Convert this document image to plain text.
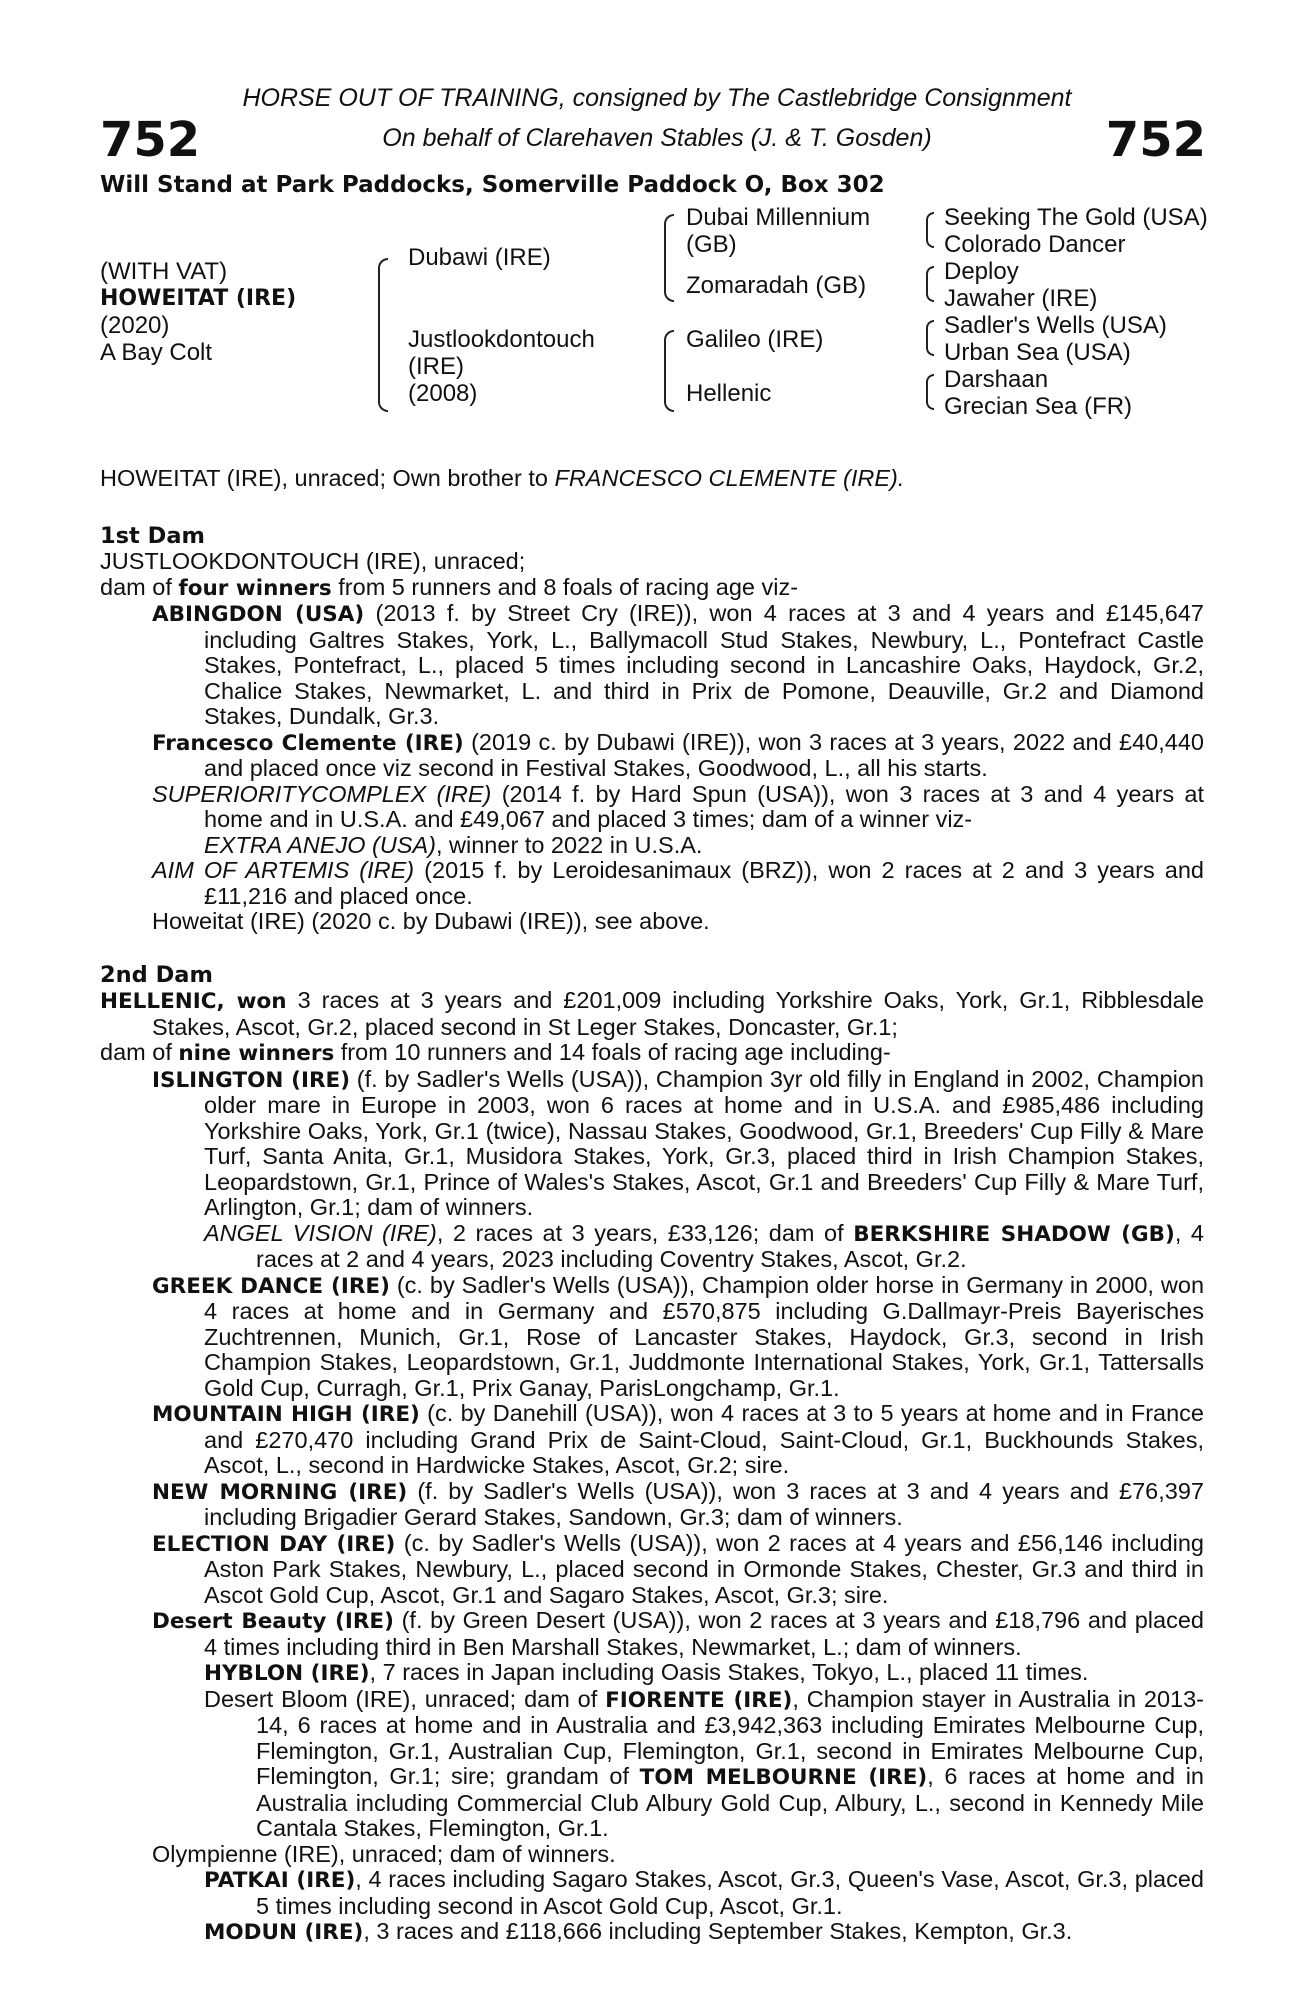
752	752
HORSE OUT OF TRAINING, consigned by The Castlebridge Consignment
On behalf of Clarehaven Stables (J. & T. Gosden)
Will Stand at Park Paddocks, Somerville Paddock O, Box 302
(WITH VAT)
HOWEITAT (IRE)
(2020)
A Bay Colt
Dubawi (IRE)
Justlookdontouch (IRE)
(2008)
Dubai Millennium (GB)
Zomaradah (GB)
Galileo (IRE)
Hellenic
Seeking The Gold (USA)
Colorado Dancer
Deploy
Jawaher (IRE)
Sadler's Wells (USA)
Urban Sea (USA)
Darshaan
Grecian Sea (FR)
HOWEITAT (IRE), unraced; Own brother to FRANCESCO CLEMENTE (IRE).
1st Dam
JUSTLOOKDONTOUCH (IRE), unraced;
dam of four winners from 5 runners and 8 foals of racing age viz-
ABINGDON (USA) (2013 f. by Street Cry (IRE)), won 4 races at 3 and 4 years and £145,647 including Galtres Stakes, York, L., Ballymacoll Stud Stakes, Newbury, L., Pontefract Castle Stakes, Pontefract, L., placed 5 times including second in Lancashire Oaks, Haydock, Gr.2, Chalice Stakes, Newmarket, L. and third in Prix de Pomone, Deauville, Gr.2 and Diamond Stakes, Dundalk, Gr.3.
Francesco Clemente (IRE) (2019 c. by Dubawi (IRE)), won 3 races at 3 years, 2022 and £40,440 and placed once viz second in Festival Stakes, Goodwood, L., all his starts.
SUPERIORITYCOMPLEX (IRE) (2014 f. by Hard Spun (USA)), won 3 races at 3 and 4 years at home and in U.S.A. and £49,067 and placed 3 times; dam of a winner viz-
EXTRA ANEJO (USA), winner to 2022 in U.S.A.
AIM OF ARTEMIS (IRE) (2015 f. by Leroidesanimaux (BRZ)), won 2 races at 2 and 3 years and £11,216 and placed once.
Howeitat (IRE) (2020 c. by Dubawi (IRE)), see above.
2nd Dam
HELLENIC, won 3 races at 3 years and £201,009 including Yorkshire Oaks, York, Gr.1, Ribblesdale Stakes, Ascot, Gr.2, placed second in St Leger Stakes, Doncaster, Gr.1;
dam of nine winners from 10 runners and 14 foals of racing age including-
ISLINGTON (IRE) (f. by Sadler's Wells (USA)), Champion 3yr old filly in England in 2002, Champion older mare in Europe in 2003, won 6 races at home and in U.S.A. and £985,486 including Yorkshire Oaks, York, Gr.1 (twice), Nassau Stakes, Goodwood, Gr.1, Breeders' Cup Filly & Mare Turf, Santa Anita, Gr.1, Musidora Stakes, York, Gr.3, placed third in Irish Champion Stakes, Leopardstown, Gr.1, Prince of Wales's Stakes, Ascot, Gr.1 and Breeders' Cup Filly & Mare Turf, Arlington, Gr.1; dam of winners.
ANGEL VISION (IRE), 2 races at 3 years, £33,126; dam of BERKSHIRE SHADOW (GB), 4 races at 2 and 4 years, 2023 including Coventry Stakes, Ascot, Gr.2.
GREEK DANCE (IRE) (c. by Sadler's Wells (USA)), Champion older horse in Germany in 2000, won 4 races at home and in Germany and £570,875 including G.Dallmayr-Preis Bayerisches Zuchtrennen, Munich, Gr.1, Rose of Lancaster Stakes, Haydock, Gr.3, second in Irish Champion Stakes, Leopardstown, Gr.1, Juddmonte International Stakes, York, Gr.1, Tattersalls Gold Cup, Curragh, Gr.1, Prix Ganay, ParisLongchamp, Gr.1.
MOUNTAIN HIGH (IRE) (c. by Danehill (USA)), won 4 races at 3 to 5 years at home and in France and £270,470 including Grand Prix de Saint-Cloud, Saint-Cloud, Gr.1, Buckhounds Stakes, Ascot, L., second in Hardwicke Stakes, Ascot, Gr.2; sire.
NEW MORNING (IRE) (f. by Sadler's Wells (USA)), won 3 races at 3 and 4 years and £76,397 including Brigadier Gerard Stakes, Sandown, Gr.3; dam of winners.
ELECTION DAY (IRE) (c. by Sadler's Wells (USA)), won 2 races at 4 years and £56,146 including Aston Park Stakes, Newbury, L., placed second in Ormonde Stakes, Chester, Gr.3 and third in Ascot Gold Cup, Ascot, Gr.1 and Sagaro Stakes, Ascot, Gr.3; sire.
Desert Beauty (IRE) (f. by Green Desert (USA)), won 2 races at 3 years and £18,796 and placed 4 times including third in Ben Marshall Stakes, Newmarket, L.; dam of winners.
HYBLON (IRE), 7 races in Japan including Oasis Stakes, Tokyo, L., placed 11 times.
Desert Bloom (IRE), unraced; dam of FIORENTE (IRE), Champion stayer in Australia in 2013-14, 6 races at home and in Australia and £3,942,363 including Emirates Melbourne Cup, Flemington, Gr.1, Australian Cup, Flemington, Gr.1, second in Emirates Melbourne Cup, Flemington, Gr.1; sire; grandam of TOM MELBOURNE (IRE), 6 races at home and in Australia including Commercial Club Albury Gold Cup, Albury, L., second in Kennedy Mile Cantala Stakes, Flemington, Gr.1.
Olympienne (IRE), unraced; dam of winners.
PATKAI (IRE), 4 races including Sagaro Stakes, Ascot, Gr.3, Queen's Vase, Ascot, Gr.3, placed 5 times including second in Ascot Gold Cup, Ascot, Gr.1.
MODUN (IRE), 3 races and £118,666 including September Stakes, Kempton, Gr.3.
